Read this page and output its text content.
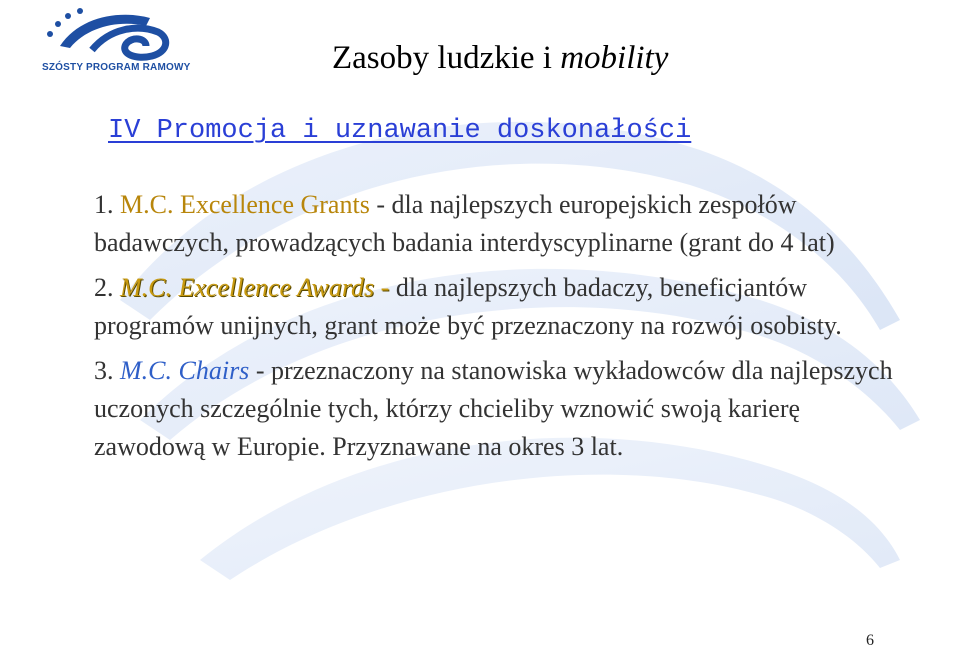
SZÓSTY PROGRAM RAMOWY	Zasoby ludzkie i mobility
IV Promocja i uznawanie doskonałości
1. M.C. Excellence Grants - dla najlepszych europejskich zespołów badawczych, prowadzących badania interdyscyplinarne (grant do 4 lat)
2. M.C. Excellence Awards - dla najlepszych badaczy, beneficjantów programów unijnych, grant może być przeznaczony na rozwój osobisty.
3. M.C. Chairs - przeznaczony na stanowiska wykładowców dla najlepszych uczonych szczególnie tych, którzy chcieliby wznowić swoją karierę zawodową w Europie. Przyznawane na okres 3 lat.
6
